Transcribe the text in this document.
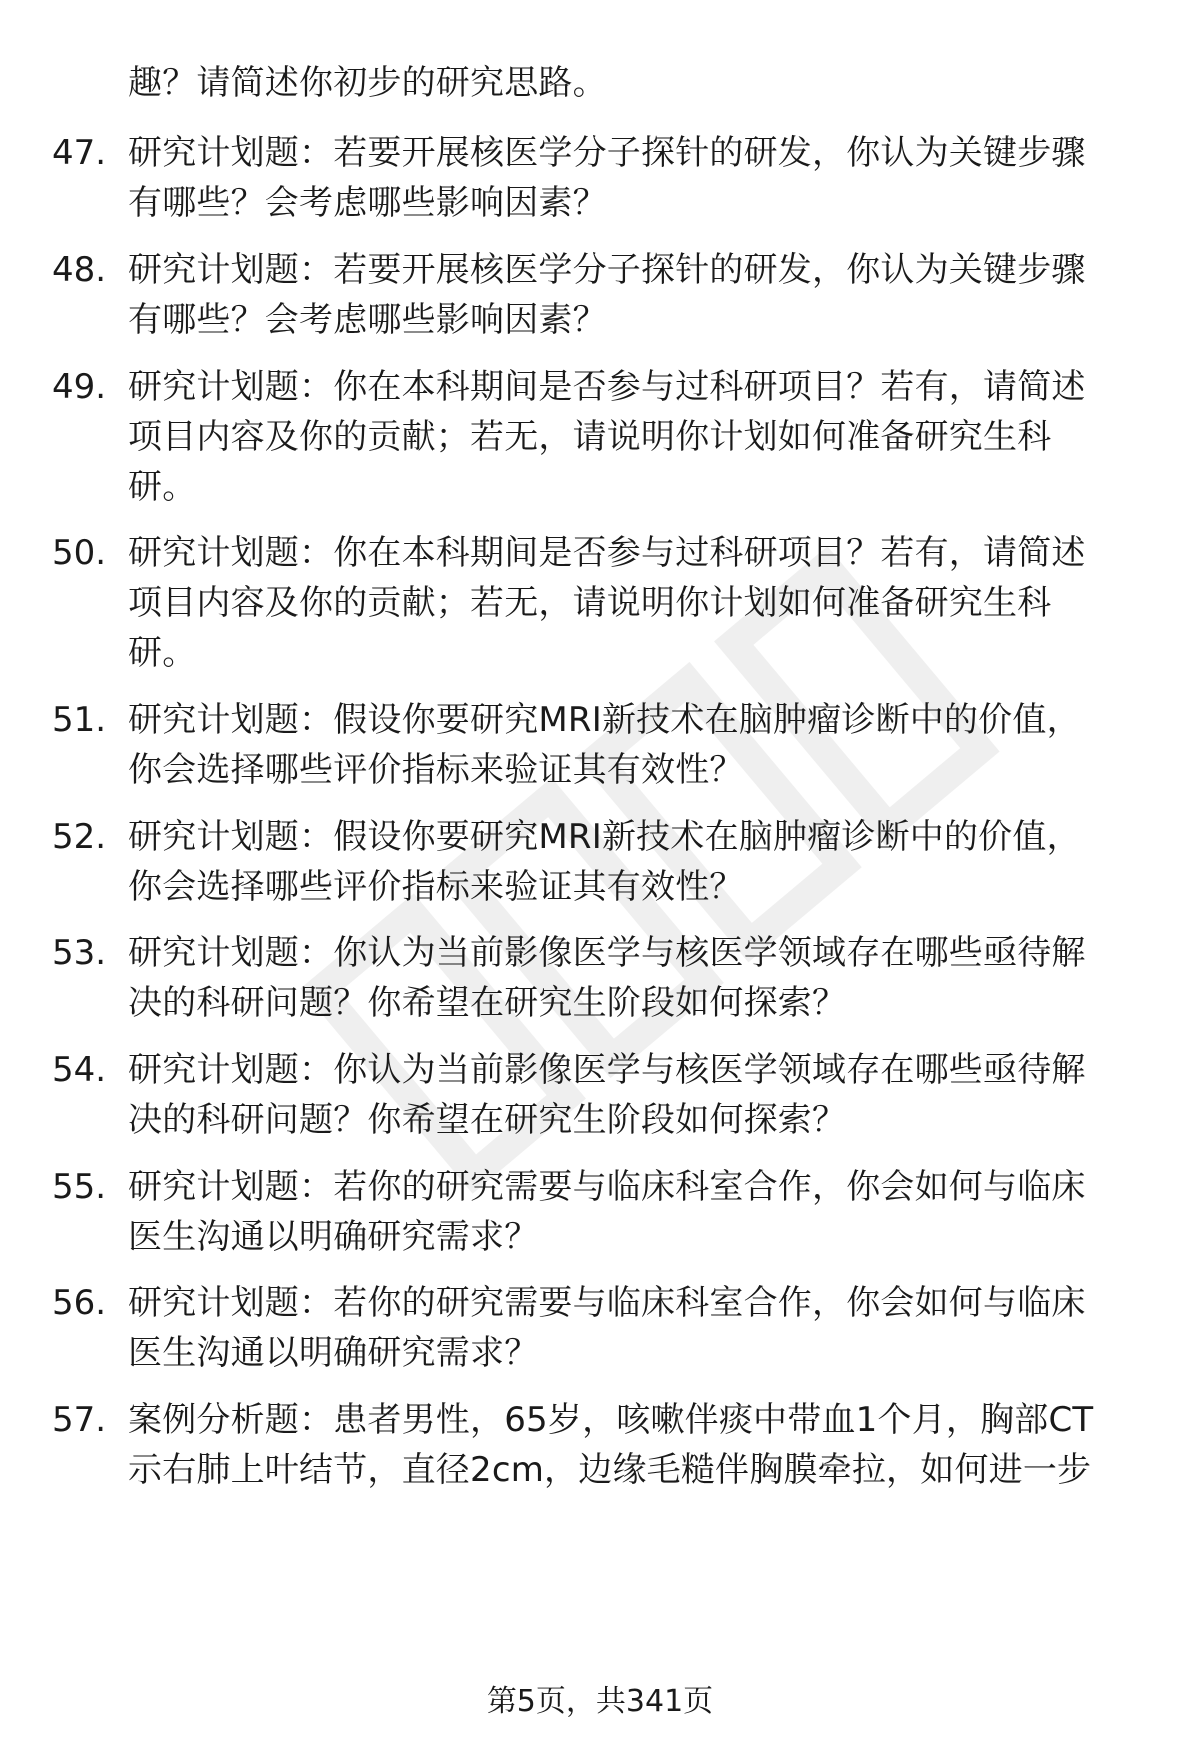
趣？请简述你初步的研究思路。
47. 研究计划题：若要开展核医学分子探针的研发，你认为关键步骤
有哪些？会考虑哪些影响因素？
48. 研究计划题：若要开展核医学分子探针的研发，你认为关键步骤
有哪些？会考虑哪些影响因素？
49. 研究计划题：你在本科期间是否参与过科研项目？若有，请简述
项目内容及你的贡献；若无，请说明你计划如何准备研究生科
研。
50. 研究计划题：你在本科期间是否参与过科研项目？若有，请简述
项目内容及你的贡献；若无，请说明你计划如何准备研究生科
研。
51. 研究计划题：假设你要研究MRI新技术在脑肿瘤诊断中的价值，
你会选择哪些评价指标来验证其有效性？
52. 研究计划题：假设你要研究MRI新技术在脑肿瘤诊断中的价值，
你会选择哪些评价指标来验证其有效性？
53. 研究计划题：你认为当前影像医学与核医学领域存在哪些亟待解
决的科研问题？你希望在研究生阶段如何探索？
54. 研究计划题：你认为当前影像医学与核医学领域存在哪些亟待解
决的科研问题？你希望在研究生阶段如何探索？
55. 研究计划题：若你的研究需要与临床科室合作，你会如何与临床
医生沟通以明确研究需求？
56. 研究计划题：若你的研究需要与临床科室合作，你会如何与临床
医生沟通以明确研究需求？
57. 案例分析题：患者男性，65岁，咳嗽伴痰中带血1个月，胸部CT
示右肺上叶结节，直径2cm，边缘毛糙伴胸膜牵拉，如何进一步
第5页，共341页
